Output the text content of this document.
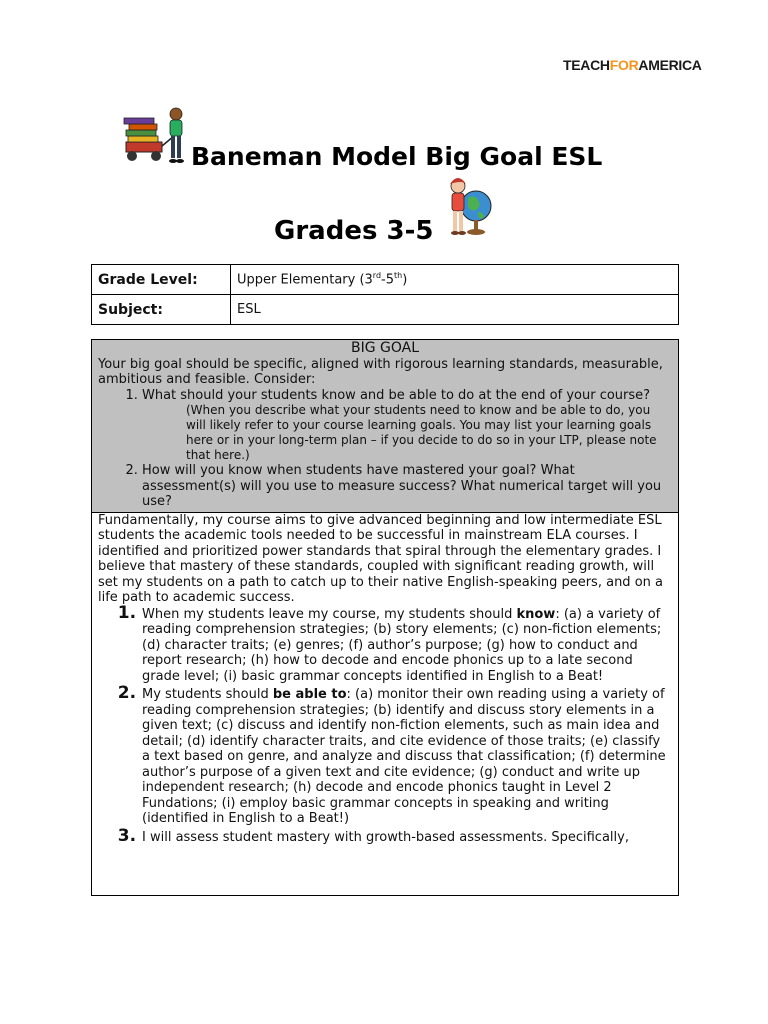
TEACHFORAMERICA
Baneman Model Big Goal ESL
Grades 3-5
Grade Level:	Upper Elementary (3rd-5th)
Subject:	ESL
BIG GOAL
Your big goal should be specific, aligned with rigorous learning standards, measurable, ambitious and feasible. Consider:
1. What should your students know and be able to do at the end of your course?
(When you describe what your students need to know and be able to do, you will likely refer to your course learning goals. You may list your learning goals here or in your long-term plan – if you decide to do so in your LTP, please note that here.)
2. How will you know when students have mastered your goal? What assessment(s) will you use to measure success? What numerical target will you use?
Fundamentally, my course aims to give advanced beginning and low intermediate ESL students the academic tools needed to be successful in mainstream ELA courses. I identified and prioritized power standards that spiral through the elementary grades. I believe that mastery of these standards, coupled with significant reading growth, will set my students on a path to catch up to their native English-speaking peers, and on a life path to academic success.
1. When my students leave my course, my students should know: (a) a variety of reading comprehension strategies; (b) story elements; (c) non-fiction elements; (d) character traits; (e) genres; (f) author’s purpose; (g) how to conduct and report research; (h) how to decode and encode phonics up to a late second grade level; (i) basic grammar concepts identified in English to a Beat!
2. My students should be able to: (a) monitor their own reading using a variety of reading comprehension strategies; (b) identify and discuss story elements in a given text; (c) discuss and identify non-fiction elements, such as main idea and detail; (d) identify character traits, and cite evidence of those traits; (e) classify a text based on genre, and analyze and discuss that classification; (f) determine author’s purpose of a given text and cite evidence; (g) conduct and write up independent research; (h) decode and encode phonics taught in Level 2 Fundations; (i) employ basic grammar concepts in speaking and writing (identified in English to a Beat!)
3. I will assess student mastery with growth-based assessments. Specifically,
